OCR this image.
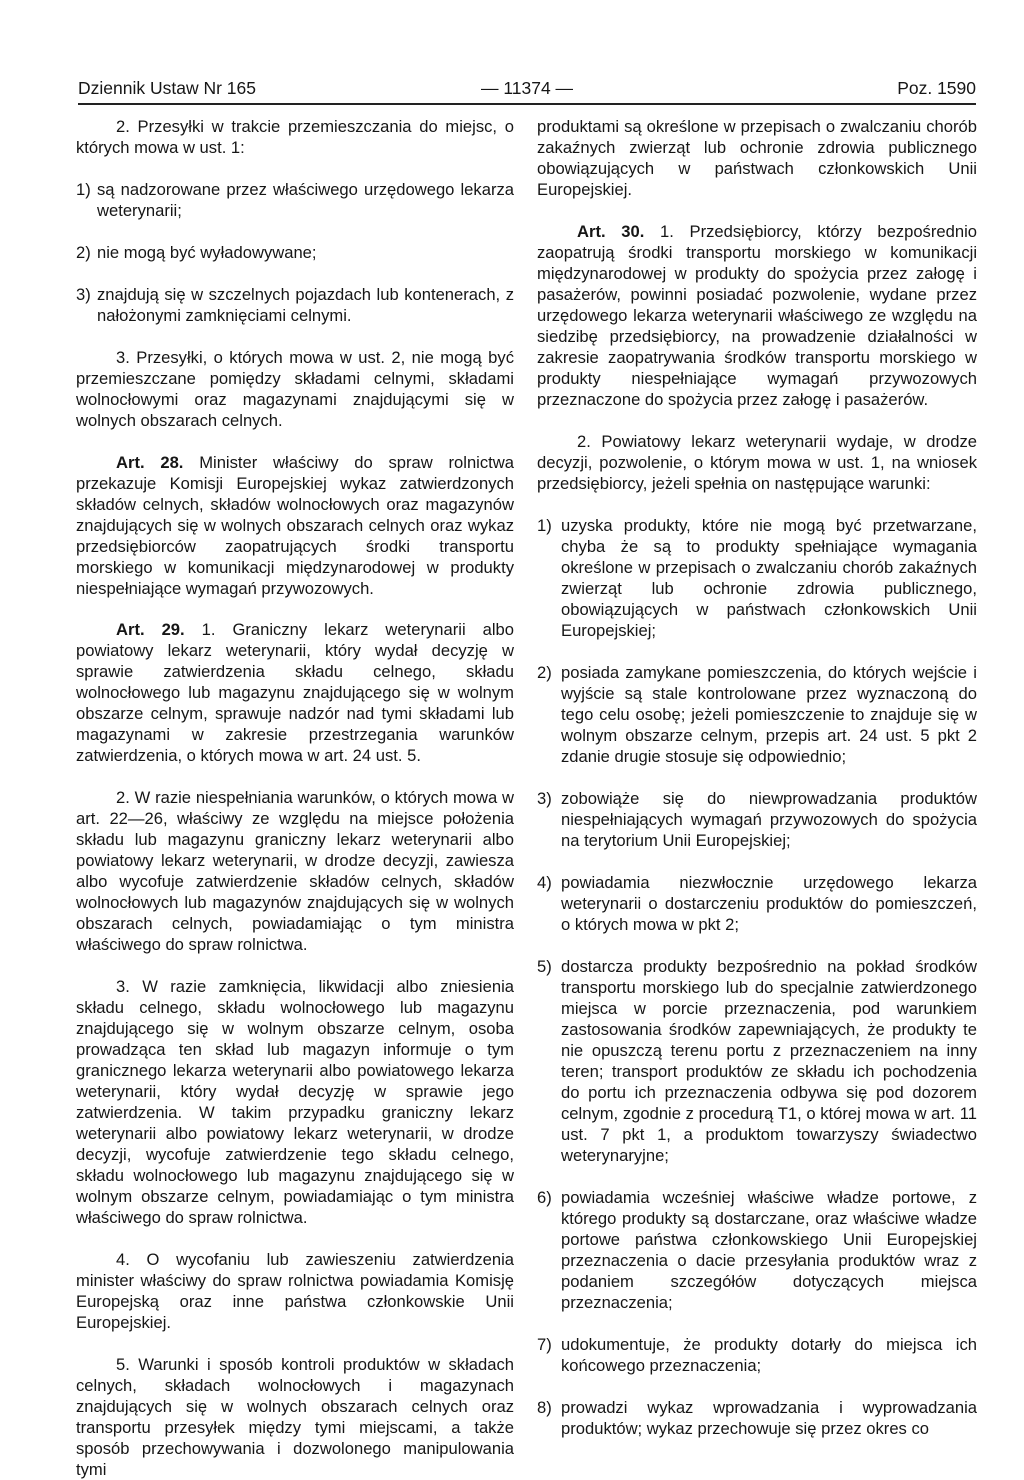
— 11374 —
Dziennik Ustaw Nr 165	Poz. 1590

2. Przesyłki w trakcie przemieszczania do miejsc, o których mowa w ust. 1:

1) są nadzorowane przez właściwego urzędowego lekarza weterynarii;
2) nie mogą być wyładowywane;
3) znajdują się w szczelnych pojazdach lub kontenerach, z nałożonymi zamknięciami celnymi.

3. Przesyłki, o których mowa w ust. 2, nie mogą być przemieszczane pomiędzy składami celnymi, składami wolnocłowymi oraz magazynami znajdującymi się w wolnych obszarach celnych.

Art. 28. Minister właściwy do spraw rolnictwa przekazuje Komisji Europejskiej wykaz zatwierdzonych składów celnych, składów wolnocłowych oraz magazynów znajdujących się w wolnych obszarach celnych oraz wykaz przedsiębiorców zaopatrujących środki transportu morskiego w komunikacji międzynarodowej w produkty niespełniające wymagań przywozowych.

Art. 29. 1. Graniczny lekarz weterynarii albo powiatowy lekarz weterynarii, który wydał decyzję w sprawie zatwierdzenia składu celnego, składu wolnocłowego lub magazynu znajdującego się w wolnym obszarze celnym, sprawuje nadzór nad tymi składami lub magazynami w zakresie przestrzegania warunków zatwierdzenia, o których mowa w art. 24 ust. 5.

2. W razie niespełniania warunków, o których mowa w art. 22—26, właściwy ze względu na miejsce położenia składu lub magazynu graniczny lekarz weterynarii albo powiatowy lekarz weterynarii, w drodze decyzji, zawiesza albo wycofuje zatwierdzenie składów celnych, składów wolnocłowych lub magazynów znajdujących się w wolnych obszarach celnych, powiadamiając o tym ministra właściwego do spraw rolnictwa.

3. W razie zamknięcia, likwidacji albo zniesienia składu celnego, składu wolnocłowego lub magazynu znajdującego się w wolnym obszarze celnym, osoba prowadząca ten skład lub magazyn informuje o tym granicznego lekarza weterynarii albo powiatowego lekarza weterynarii, który wydał decyzję w sprawie jego zatwierdzenia. W takim przypadku graniczny lekarz weterynarii albo powiatowy lekarz weterynarii, w drodze decyzji, wycofuje zatwierdzenie tego składu celnego, składu wolnocłowego lub magazynu znajdującego się w wolnym obszarze celnym, powiadamiając o tym ministra właściwego do spraw rolnictwa.

4. O wycofaniu lub zawieszeniu zatwierdzenia minister właściwy do spraw rolnictwa powiadamia Komisję Europejską oraz inne państwa członkowskie Unii Europejskiej.

5. Warunki i sposób kontroli produktów w składach celnych, składach wolnocłowych i magazynach znajdujących się w wolnych obszarach celnych oraz transportu przesyłek między tymi miejscami, a także sposób przechowywania i dozwolonego manipulowania tymi

produktami są określone w przepisach o zwalczaniu chorób zakaźnych zwierząt lub ochronie zdrowia publicznego obowiązujących w państwach członkowskich Unii Europejskiej.

Art. 30. 1. Przedsiębiorcy, którzy bezpośrednio zaopatrują środki transportu morskiego w komunikacji międzynarodowej w produkty do spożycia przez załogę i pasażerów, powinni posiadać pozwolenie, wydane przez urzędowego lekarza weterynarii właściwego ze względu na siedzibę przedsiębiorcy, na prowadzenie działalności w zakresie zaopatrywania środków transportu morskiego w produkty niespełniające wymagań przywozowych przeznaczone do spożycia przez załogę i pasażerów.

2. Powiatowy lekarz weterynarii wydaje, w drodze decyzji, pozwolenie, o którym mowa w ust. 1, na wniosek przedsiębiorcy, jeżeli spełnia on następujące warunki:

1) uzyska produkty, które nie mogą być przetwarzane, chyba że są to produkty spełniające wymagania określone w przepisach o zwalczaniu chorób zakaźnych zwierząt lub ochronie zdrowia publicznego, obowiązujących w państwach członkowskich Unii Europejskiej;
2) posiada zamykane pomieszczenia, do których wejście i wyjście są stale kontrolowane przez wyznaczoną do tego celu osobę; jeżeli pomieszczenie to znajduje się w wolnym obszarze celnym, przepis art. 24 ust. 5 pkt 2 zdanie drugie stosuje się odpowiednio;
3) zobowiąże się do niewprowadzania produktów niespełniających wymagań przywozowych do spożycia na terytorium Unii Europejskiej;
4) powiadamia niezwłocznie urzędowego lekarza weterynarii o dostarczeniu produktów do pomieszczeń, o których mowa w pkt 2;
5) dostarcza produkty bezpośrednio na pokład środków transportu morskiego lub do specjalnie zatwierdzonego miejsca w porcie przeznaczenia, pod warunkiem zastosowania środków zapewniających, że produkty te nie opuszczą terenu portu z przeznaczeniem na inny teren; transport produktów ze składu ich pochodzenia do portu ich przeznaczenia odbywa się pod dozorem celnym, zgodnie z procedurą T1, o której mowa w art. 11 ust. 7 pkt 1, a produktom towarzyszy świadectwo weterynaryjne;
6) powiadamia wcześniej właściwe władze portowe, z którego produkty są dostarczane, oraz właściwe władze portowe państwa członkowskiego Unii Europejskiej przeznaczenia o dacie przesyłania produktów wraz z podaniem szczegółów dotyczących miejsca przeznaczenia;
7) udokumentuje, że produkty dotarły do miejsca ich końcowego przeznaczenia;
8) prowadzi wykaz wprowadzania i wyprowadzania produktów; wykaz przechowuje się przez okres co
